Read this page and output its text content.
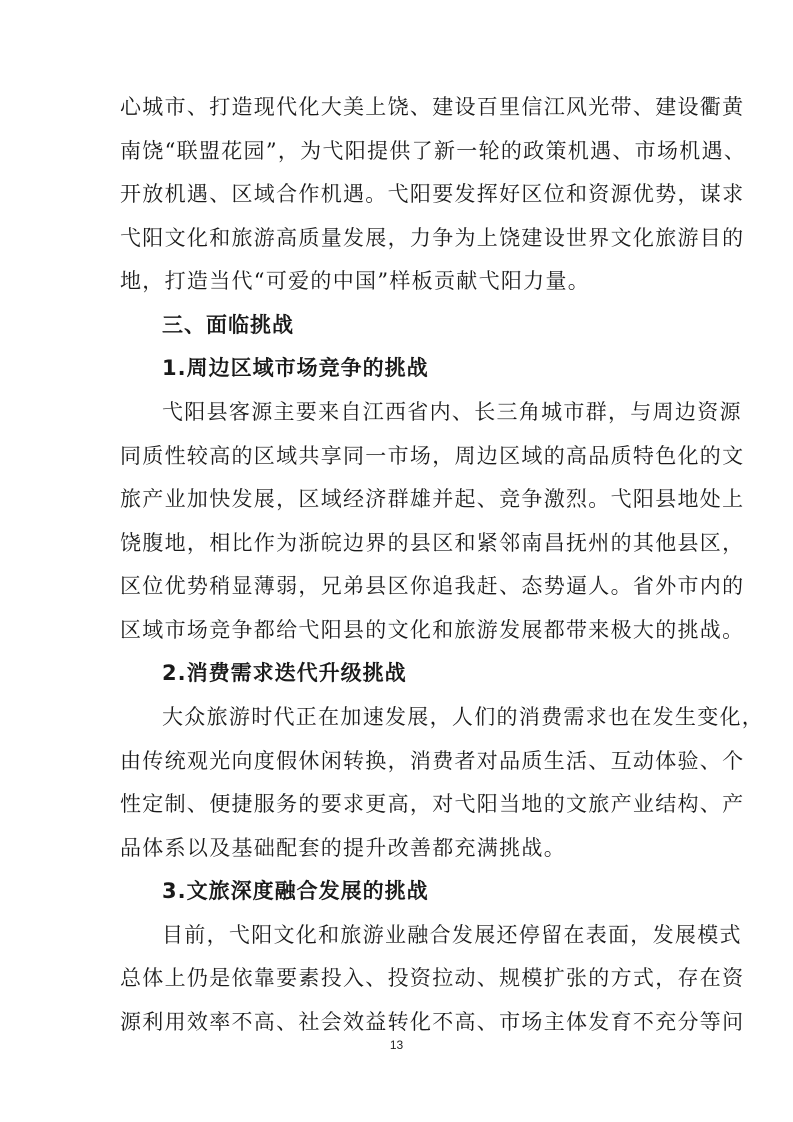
心城市、打造现代化大美上饶、建设百里信江风光带、建设衢黄
南饶“联盟花园”，为弋阳提供了新一轮的政策机遇、市场机遇、
开放机遇、区域合作机遇。弋阳要发挥好区位和资源优势，谋求
弋阳文化和旅游高质量发展，力争为上饶建设世界文化旅游目的
地，打造当代“可爱的中国”样板贡献弋阳力量。
三、面临挑战
1.周边区域市场竞争的挑战
弋阳县客源主要来自江西省内、长三角城市群，与周边资源
同质性较高的区域共享同一市场，周边区域的高品质特色化的文
旅产业加快发展，区域经济群雄并起、竞争激烈。弋阳县地处上
饶腹地，相比作为浙皖边界的县区和紧邻南昌抚州的其他县区，
区位优势稍显薄弱，兄弟县区你追我赶、态势逼人。省外市内的
区域市场竞争都给弋阳县的文化和旅游发展都带来极大的挑战。
2.消费需求迭代升级挑战
大众旅游时代正在加速发展，人们的消费需求也在发生变化，
由传统观光向度假休闲转换，消费者对品质生活、互动体验、个
性定制、便捷服务的要求更高，对弋阳当地的文旅产业结构、产
品体系以及基础配套的提升改善都充满挑战。
3.文旅深度融合发展的挑战
目前，弋阳文化和旅游业融合发展还停留在表面，发展模式
总体上仍是依靠要素投入、投资拉动、规模扩张的方式，存在资
源利用效率不高、社会效益转化不高、市场主体发育不充分等问
13
